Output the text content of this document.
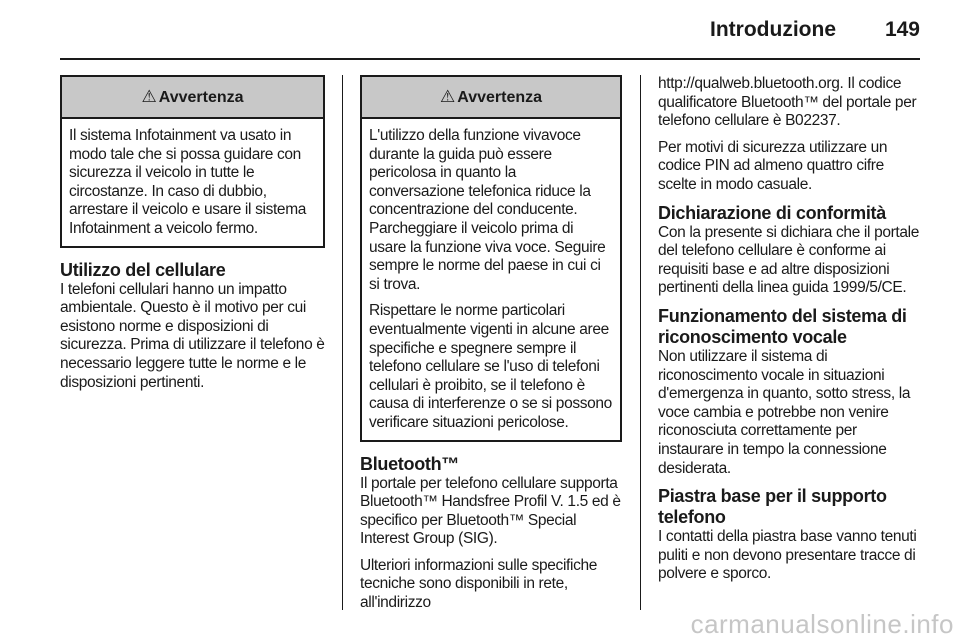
Introduzione 149
⚠ Avvertenza

Il sistema Infotainment va usato in modo tale che si possa guidare con sicurezza il veicolo in tutte le circostanze. In caso di dubbio, arrestare il veicolo e usare il sistema Infotainment a veicolo fermo.

Utilizzo del cellulare

I telefoni cellulari hanno un impatto ambientale. Questo è il motivo per cui esistono norme e disposizioni di sicurezza. Prima di utilizzare il telefono è necessario leggere tutte le norme e le disposizioni pertinenti.

⚠ Avvertenza

L'utilizzo della funzione vivavoce durante la guida può essere pericolosa in quanto la conversazione telefonica riduce la concentrazione del conducente. Parcheggiare il veicolo prima di usare la funzione viva voce. Seguire sempre le norme del paese in cui ci si trova.

Rispettare le norme particolari eventualmente vigenti in alcune aree specifiche e spegnere sempre il telefono cellulare se l'uso di telefoni cellulari è proibito, se il telefono è causa di interferenze o se si possono verificare situazioni pericolose.

Bluetooth™

Il portale per telefono cellulare supporta Bluetooth™ Handsfree Profil V. 1.5 ed è specifico per Bluetooth™ Special Interest Group (SIG).

Ulteriori informazioni sulle specifiche tecniche sono disponibili in rete, all'indirizzo

http://qualweb.bluetooth.org. Il codice qualificatore Bluetooth™ del portale per telefono cellulare è B02237.

Per motivi di sicurezza utilizzare un codice PIN ad almeno quattro cifre scelte in modo casuale.

Dichiarazione di conformità

Con la presente si dichiara che il portale del telefono cellulare è conforme ai requisiti base e ad altre disposizioni pertinenti della linea guida 1999/5/CE.

Funzionamento del sistema di riconoscimento vocale

Non utilizzare il sistema di riconoscimento vocale in situazioni d'emergenza in quanto, sotto stress, la voce cambia e potrebbe non venire riconosciuta correttamente per instaurare in tempo la connessione desiderata.

Piastra base per il supporto telefono

I contatti della piastra base vanno tenuti puliti e non devono presentare tracce di polvere e sporco.

carmanualsonline.info
